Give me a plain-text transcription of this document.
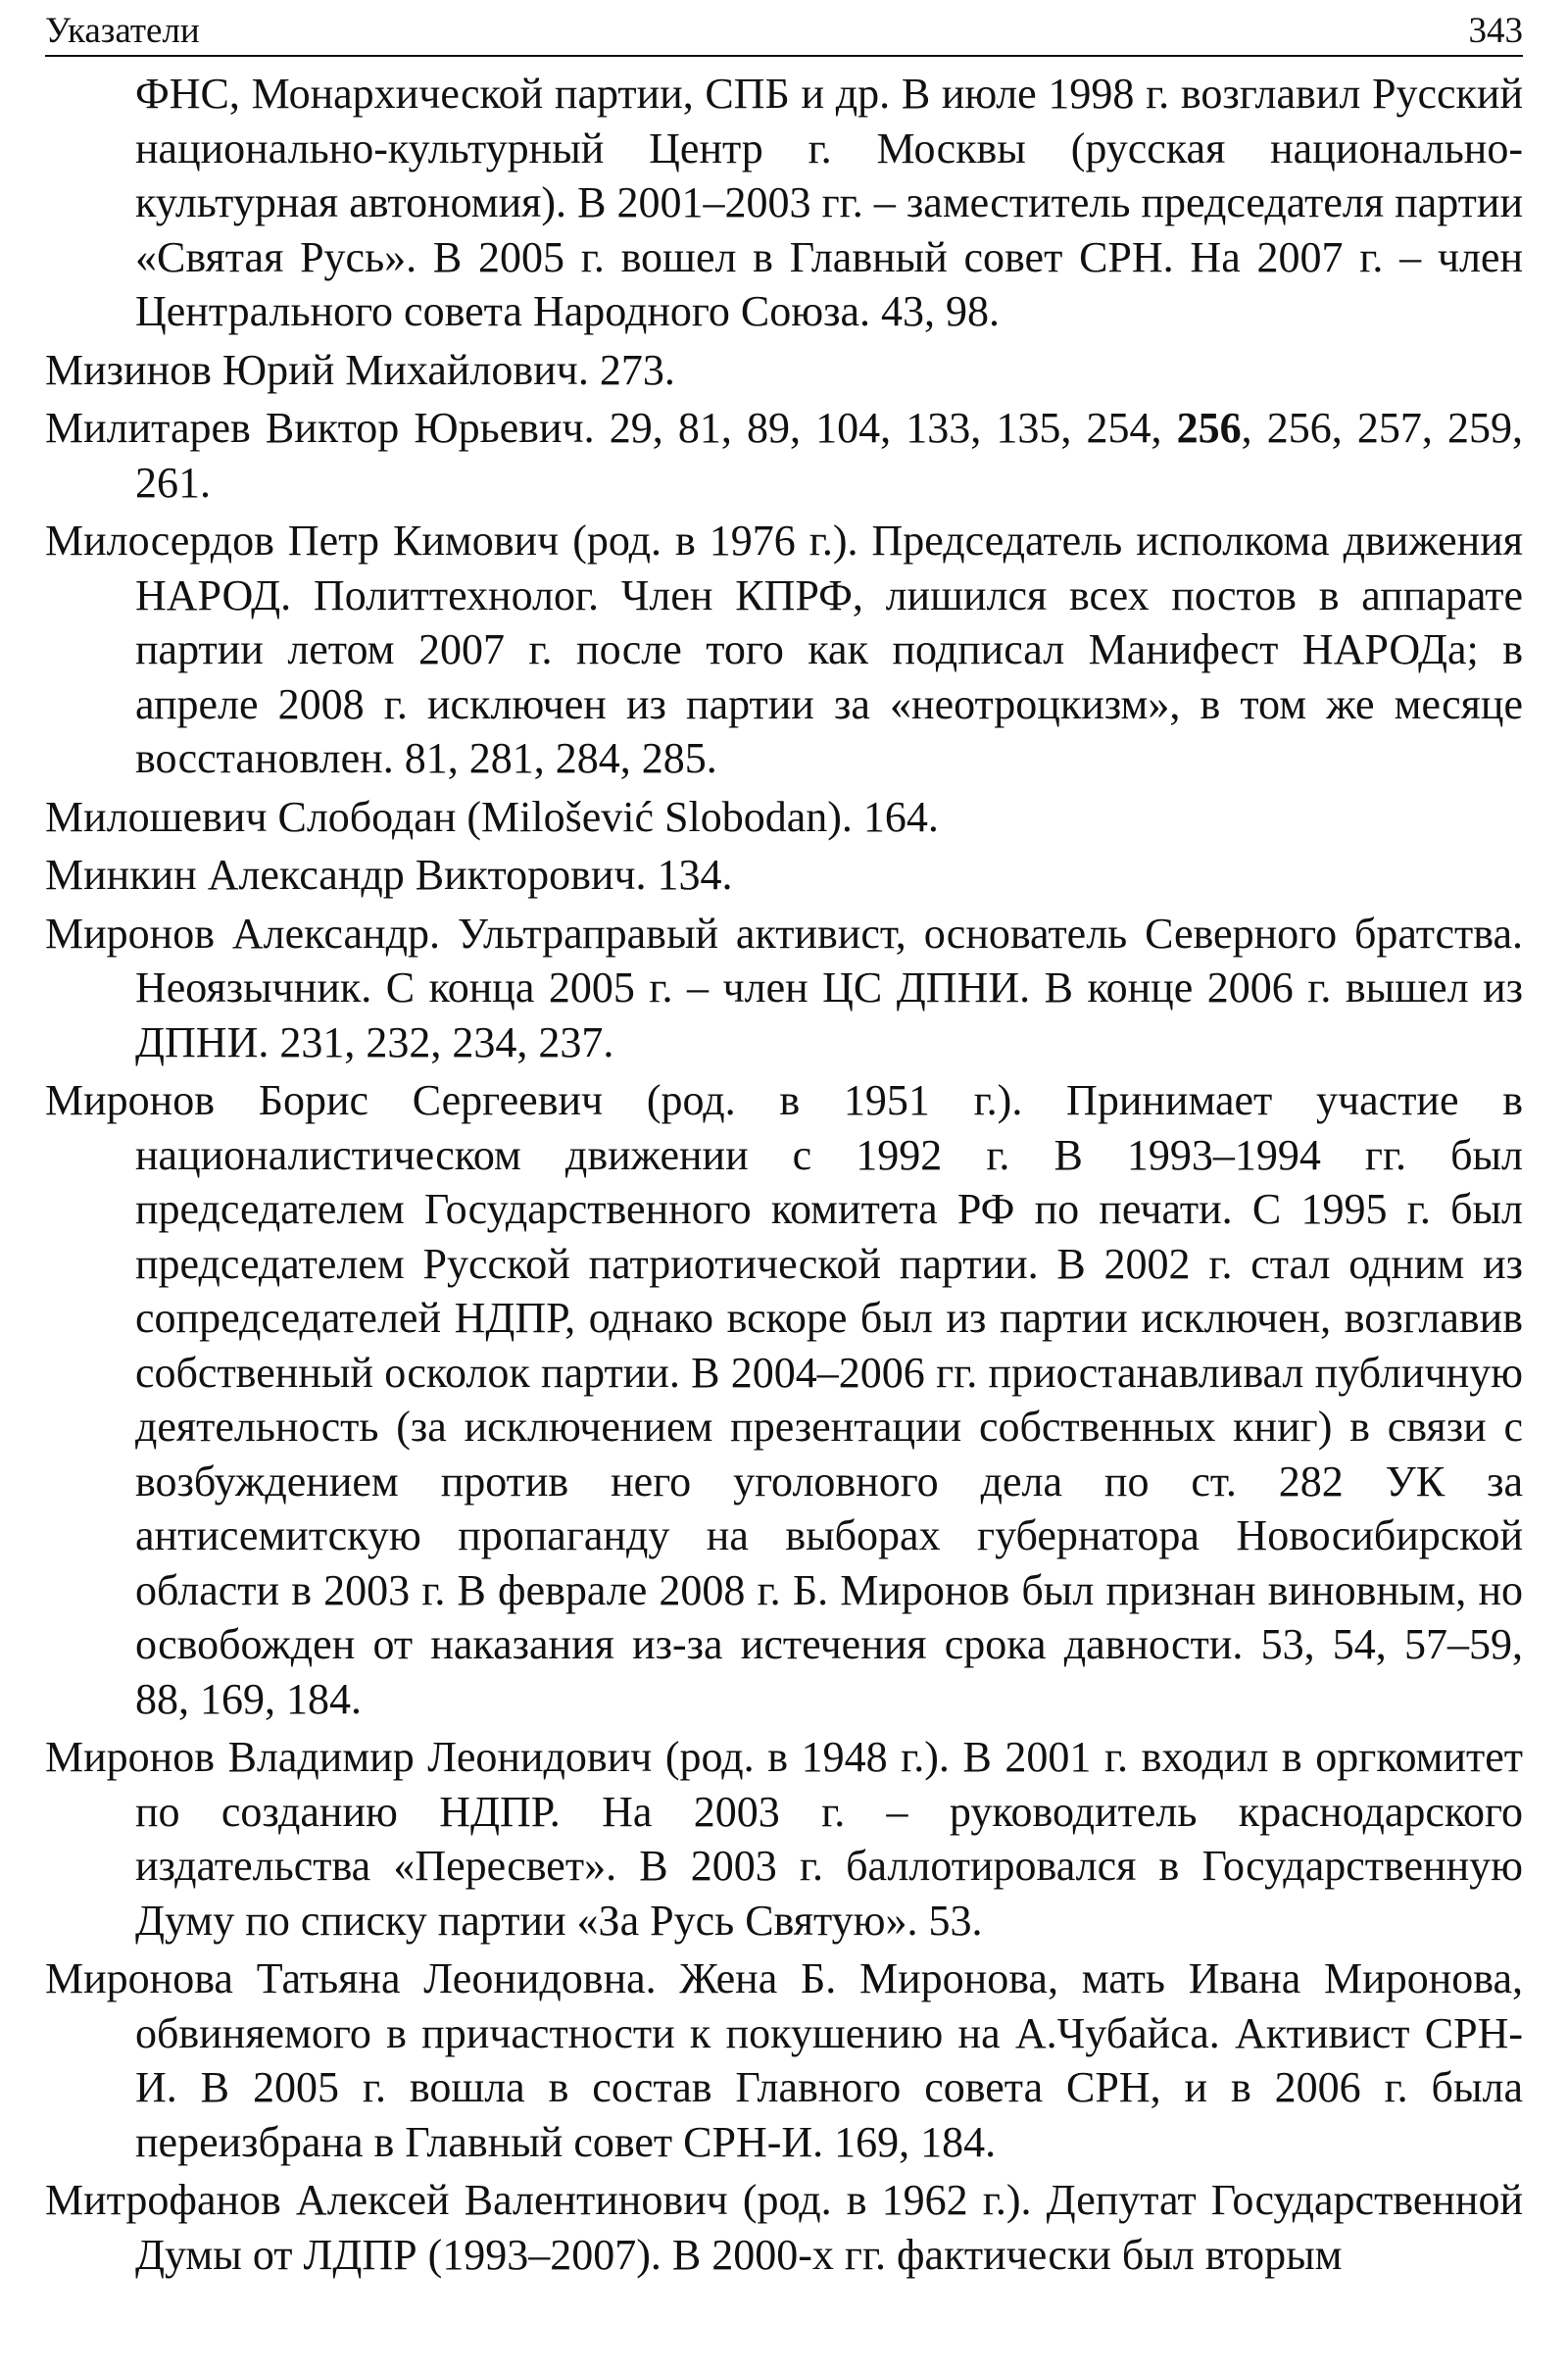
Указатели	343

ФНС, Монархической партии, СПБ и др. В июле 1998 г. возглавил Русский национально-культурный Центр г. Москвы (русская национально-культурная автономия). В 2001–2003 гг. – заместитель председателя партии «Святая Русь». В 2005 г. вошел в Главный совет СРН. На 2007 г. – член Центрального совета Народного Союза. 43, 98.

Мизинов Юрий Михайлович. 273.

Милитарев Виктор Юрьевич. 29, 81, 89, 104, 133, 135, 254, 256, 256, 257, 259, 261.

Милосердов Петр Кимович (род. в 1976 г.). Председатель исполкома движения НАРОД. Политтехнолог. Член КПРФ, лишился всех постов в аппарате партии летом 2007 г. после того как подписал Манифест НАРОДа; в апреле 2008 г. исключен из партии за «неотроцкизм», в том же месяце восстановлен. 81, 281, 284, 285.

Милошевич Слободан (Milošević Slobodan). 164.

Минкин Александр Викторович. 134.

Миронов Александр. Ультраправый активист, основатель Северного братства. Неоязычник. С конца 2005 г. – член ЦС ДПНИ. В конце 2006 г. вышел из ДПНИ. 231, 232, 234, 237.

Миронов Борис Сергеевич (род. в 1951 г.). Принимает участие в националистическом движении с 1992 г. В 1993–1994 гг. был председателем Государственного комитета РФ по печати. С 1995 г. был председателем Русской патриотической партии. В 2002 г. стал одним из сопредседателей НДПР, однако вскоре был из партии исключен, возглавив собственный осколок партии. В 2004–2006 гг. приостанавливал публичную деятельность (за исключением презентации собственных книг) в связи с возбуждением против него уголовного дела по ст. 282 УК за антисемитскую пропаганду на выборах губернатора Новосибирской области в 2003 г. В феврале 2008 г. Б. Миронов был признан виновным, но освобожден от наказания из-за истечения срока давности. 53, 54, 57–59, 88, 169, 184.

Миронов Владимир Леонидович (род. в 1948 г.). В 2001 г. входил в оргкомитет по созданию НДПР. На 2003 г. – руководитель краснодарского издательства «Пересвет». В 2003 г. баллотировался в Государственную Думу по списку партии «За Русь Святую». 53.

Миронова Татьяна Леонидовна. Жена Б. Миронова, мать Ивана Миронова, обвиняемого в причастности к покушению на А.Чубайса. Активист СРН-И. В 2005 г. вошла в состав Главного совета СРН, и в 2006 г. была переизбрана в Главный совет СРН-И. 169, 184.

Митрофанов Алексей Валентинович (род. в 1962 г.). Депутат Государственной Думы от ЛДПР (1993–2007). В 2000-х гг. фактически был вторым
